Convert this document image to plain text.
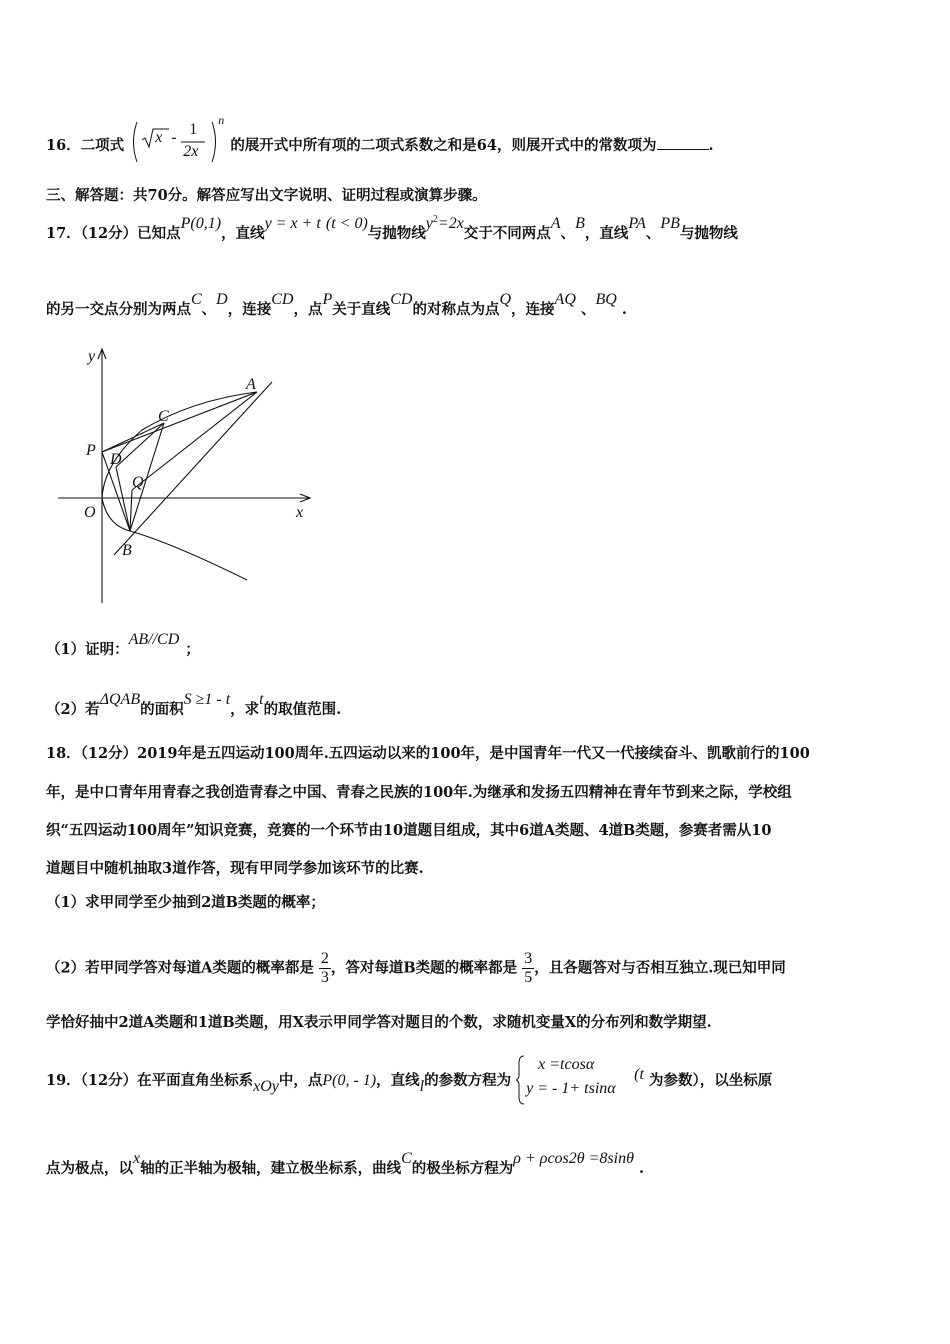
16．二项式 x - 1
2x
n
的展开式中所有项的二项式系数之和是64，则展开式中的常数项为	.
三、解答题：共70分。解答应写出文字说明、证明过程或演算步骤。
17．（12分）已知点P(0,1)，直线y = x + t (t < 0)与抛物线$y^2=2x$交于不同两点A、B，直线PA、PB与抛物线
的另一交点分别为两点C、D，连接CD，点P关于直线CD的对称点为点Q，连接AQ 、BQ .
y
x
O
P
D
C
Q
A
B
（1）证明：AB//CD；
（2）若ΔQAB的面积S ≥1 - t，求t的取值范围.
18．（12分）2019年是五四运动100周年.五四运动以来的100年，是中国青年一代又一代接续奋斗、凯歌前行的100
年，是中口青年用青春之我创造青春之中国、青春之民族的100年.为继承和发扬五四精神在青年节到来之际，学校组
织“五四运动100周年”知识竞赛，竞赛的一个环节由10道题目组成，其中6道A类题、4道B类题，参赛者需从10
道题目中随机抽取3道作答，现有甲同学参加该环节的比赛.
（1）求甲同学至少抽到2道B类题的概率；
（2）若甲同学答对每道A类题的概率都是 $\frac{2}{3}$ ，答对每道B类题的概率都是 $\frac{3}{5}$ ，且各题答对与否相互独立.现已知甲同
学恰好抽中2道A类题和1道B类题，用X表示甲同学答对题目的个数，求随机变量X的分布列和数学期望.
19．（12分）在平面直角坐标系xOy中，点P(0, - 1)，直线l的参数方程为
x =tcosα
y = - 1+ tsinα
(t 为参数），以坐标原
点为极点，以x轴的正半轴为极轴，建立极坐标系，曲线C的极坐标方程为ρ + ρcos2θ =8sinθ .
